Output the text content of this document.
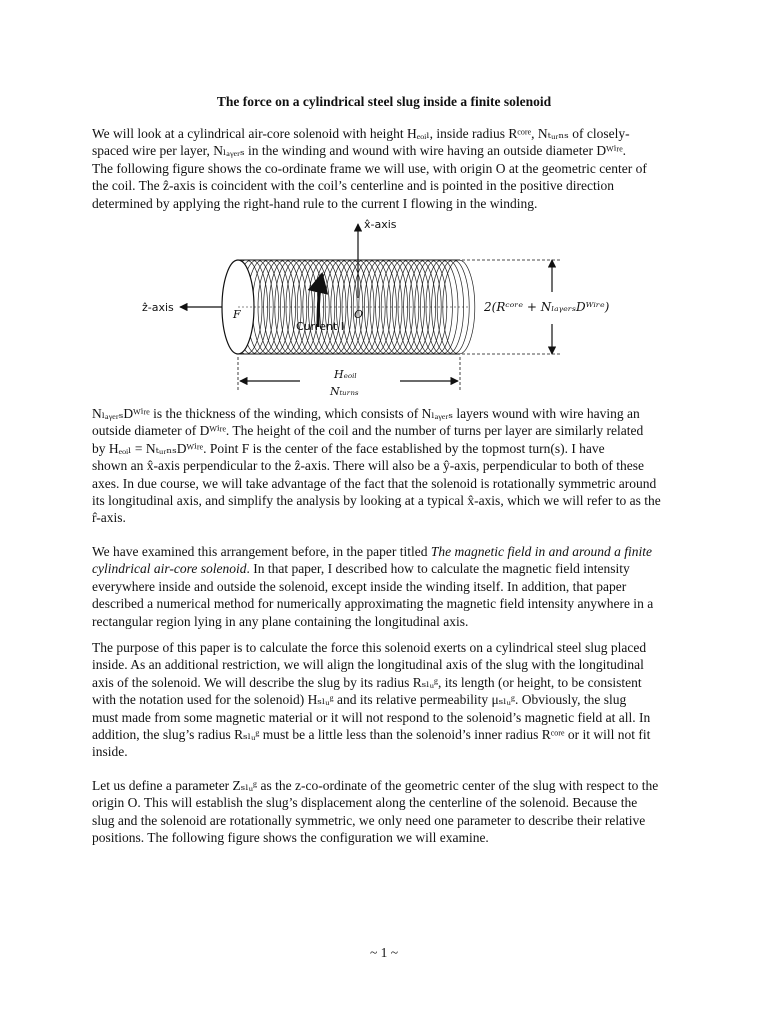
The force on a cylindrical steel slug inside a finite solenoid
We will look at a cylindrical air-core solenoid with height Hₑₒᵢₗ, inside radius Rᶜᵒʳᵉ, Nₜᵤᵣₙₛ of closely-
spaced wire per layer, Nₗₐᵧₑᵣₛ in the winding and wound with wire having an outside diameter Dᵂⁱʳᵉ.
The following figure shows the co-ordinate frame we will use, with origin O at the geometric center of
the coil. The ẑ-axis is coincident with the coil’s centerline and is pointed in the positive direction
determined by applying the right-hand rule to the current I flowing in the winding.
x̂-axis
ẑ-axis
F	O
Current I
2(Rᶜᵒʳᵉ + NₗₐᵧₑᵣₛDᵂⁱʳᵉ)
Hₑₒᵢₗ
Nₜᵤᵣₙₛ
NₗₐᵧₑᵣₛDᵂⁱʳᵉ is the thickness of the winding, which consists of Nₗₐᵧₑᵣₛ layers wound with wire having an
outside diameter of Dᵂⁱʳᵉ. The height of the coil and the number of turns per layer are similarly related
by Hₑₒᵢₗ = NₜᵤᵣₙₛDᵂⁱʳᵉ. Point F is the center of the face established by the topmost turn(s). I have
shown an x̂-axis perpendicular to the ẑ-axis. There will also be a ŷ-axis, perpendicular to both of these
axes. In due course, we will take advantage of the fact that the solenoid is rotationally symmetric around
its longitudinal axis, and simplify the analysis by looking at a typical x̂-axis, which we will refer to as the
r̂-axis.
We have examined this arrangement before, in the paper titled The magnetic field in and around a finite
cylindrical air-core solenoid. In that paper, I described how to calculate the magnetic field intensity
everywhere inside and outside the solenoid, except inside the winding itself. In addition, that paper
described a numerical method for numerically approximating the magnetic field intensity anywhere in a
rectangular region lying in any plane containing the longitudinal axis.
The purpose of this paper is to calculate the force this solenoid exerts on a cylindrical steel slug placed
inside. As an additional restriction, we will align the longitudinal axis of the slug with the longitudinal
axis of the solenoid. We will describe the slug by its radius Rₛₗᵤᵍ, its length (or height, to be consistent
with the notation used for the solenoid) Hₛₗᵤᵍ and its relative permeability μₛₗᵤᵍ. Obviously, the slug
must made from some magnetic material or it will not respond to the solenoid’s magnetic field at all. In
addition, the slug’s radius Rₛₗᵤᵍ must be a little less than the solenoid’s inner radius Rᶜᵒʳᵉ or it will not fit
inside.
Let us define a parameter Zₛₗᵤᵍ as the z-co-ordinate of the geometric center of the slug with respect to the
origin O. This will establish the slug’s displacement along the centerline of the solenoid. Because the
slug and the solenoid are rotationally symmetric, we only need one parameter to describe their relative
positions. The following figure shows the configuration we will examine.
~ 1 ~
